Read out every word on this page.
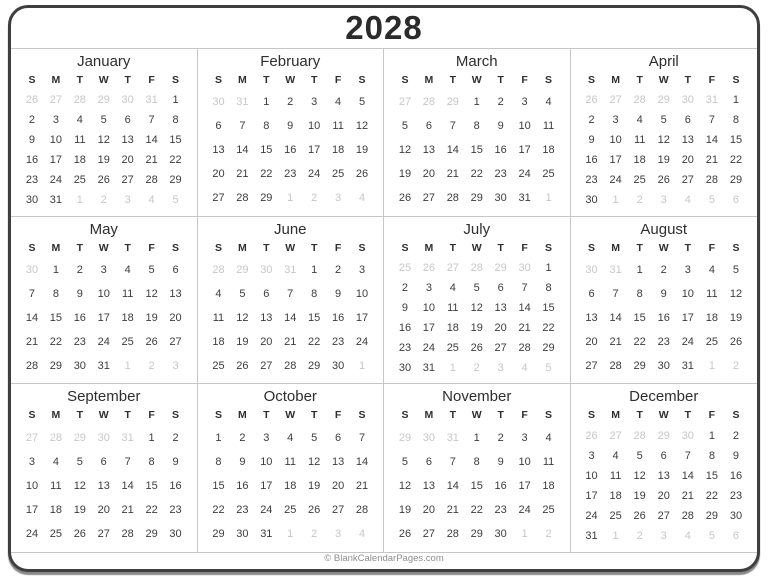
2028
January
S	M	T	W	T	F	S
26	27	28	29	30	31	1
2	3	4	5	6	7	8
9	10	11	12	13	14	15
16	17	18	19	20	21	22
23	24	25	26	27	28	29
30	31	1	2	3	4	5
February
S	M	T	W	T	F	S
30	31	1	2	3	4	5
6	7	8	9	10	11	12
13	14	15	16	17	18	19
20	21	22	23	24	25	26
27	28	29	1	2	3	4
March
S	M	T	W	T	F	S
27	28	29	1	2	3	4
5	6	7	8	9	10	11
12	13	14	15	16	17	18
19	20	21	22	23	24	25
26	27	28	29	30	31	1
April
S	M	T	W	T	F	S
26	27	28	29	30	31	1
2	3	4	5	6	7	8
9	10	11	12	13	14	15
16	17	18	19	20	21	22
23	24	25	26	27	28	29
30	1	2	3	4	5	6
May
S	M	T	W	T	F	S
30	1	2	3	4	5	6
7	8	9	10	11	12	13
14	15	16	17	18	19	20
21	22	23	24	25	26	27
28	29	30	31	1	2	3
June
S	M	T	W	T	F	S
28	29	30	31	1	2	3
4	5	6	7	8	9	10
11	12	13	14	15	16	17
18	19	20	21	22	23	24
25	26	27	28	29	30	1
July
S	M	T	W	T	F	S
25	26	27	28	29	30	1
2	3	4	5	6	7	8
9	10	11	12	13	14	15
16	17	18	19	20	21	22
23	24	25	26	27	28	29
30	31	1	2	3	4	5
August
S	M	T	W	T	F	S
30	31	1	2	3	4	5
6	7	8	9	10	11	12
13	14	15	16	17	18	19
20	21	22	23	24	25	26
27	28	29	30	31	1	2
September
S	M	T	W	T	F	S
27	28	29	30	31	1	2
3	4	5	6	7	8	9
10	11	12	13	14	15	16
17	18	19	20	21	22	23
24	25	26	27	28	29	30
October
S	M	T	W	T	F	S
1	2	3	4	5	6	7
8	9	10	11	12	13	14
15	16	17	18	19	20	21
22	23	24	25	26	27	28
29	30	31	1	2	3	4
November
S	M	T	W	T	F	S
29	30	31	1	2	3	4
5	6	7	8	9	10	11
12	13	14	15	16	17	18
19	20	21	22	23	24	25
26	27	28	29	30	1	2
December
S	M	T	W	T	F	S
26	27	28	29	30	1	2
3	4	5	6	7	8	9
10	11	12	13	14	15	16
17	18	19	20	21	22	23
24	25	26	27	28	29	30
31	1	2	3	4	5	6
© BlankCalendarPages.com
